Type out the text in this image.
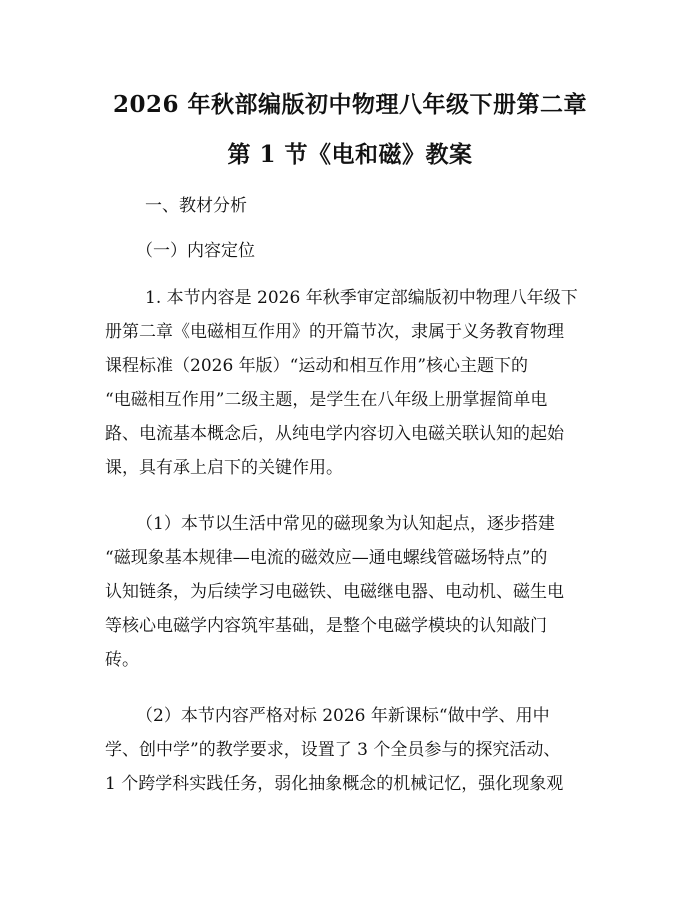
2026 年秋部编版初中物理八年级下册第二章
第 1 节《电和磁》教案
一、教材分析
（一）内容定位
1. 本节内容是 2026 年秋季审定部编版初中物理八年级下
册第二章《电磁相互作用》的开篇节次，隶属于义务教育物理
课程标准（2026 年版）“运动和相互作用”核心主题下的
“电磁相互作用”二级主题，是学生在八年级上册掌握简单电
路、电流基本概念后，从纯电学内容切入电磁关联认知的起始
课，具有承上启下的关键作用。
（1）本节以生活中常见的磁现象为认知起点，逐步搭建
“磁现象基本规律—电流的磁效应—通电螺线管磁场特点”的
认知链条，为后续学习电磁铁、电磁继电器、电动机、磁生电
等核心电磁学内容筑牢基础，是整个电磁学模块的认知敲门
砖。
（2）本节内容严格对标 2026 年新课标“做中学、用中
学、创中学”的教学要求，设置了 3 个全员参与的探究活动、
1 个跨学科实践任务，弱化抽象概念的机械记忆，强化现象观
